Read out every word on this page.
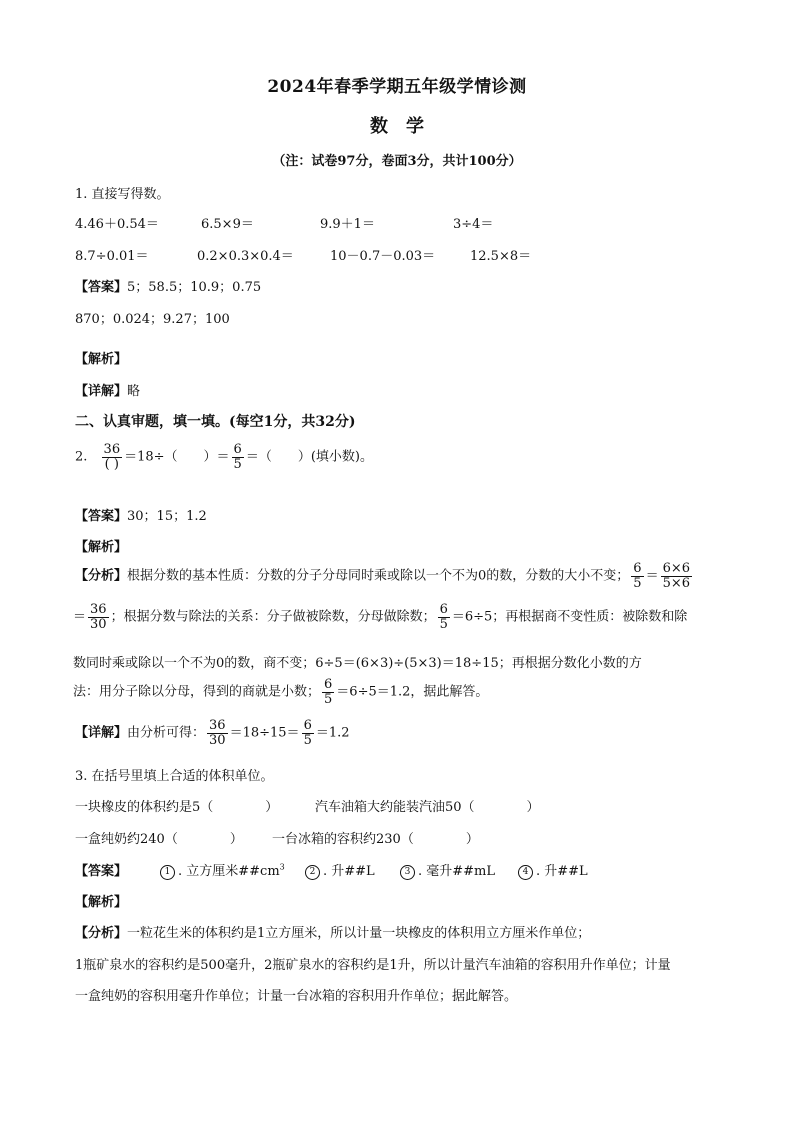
2024年春季学期五年级学情诊测
数学
（注：试卷97分，卷面3分，共计100分）
1. 直接写得数。
4.46＋0.54＝	6.5×9＝	9.9＋1＝	3÷4＝
8.7÷0.01＝	0.2×0.3×0.4＝	10－0.7－0.03＝	12.5×8＝
【答案】5；58.5；10.9；0.75
870；0.024；9.27；100
【解析】
【详解】略
二、认真审题，填一填。(每空1分，共32分)
2. $\frac{36}{( )} =18\div$（　　）＝ $\frac{6}{5}$ ＝（　　）(填小数)。
【答案】30；15；1.2
【解析】
【分析】根据分数的基本性质：分数的分子分母同时乘或除以一个不为0的数，分数的大小不变； $\frac{6}{5} = \frac{6\times 6}{5\times 6}$
＝ $\frac{36}{30}$ ；根据分数与除法的关系：分子做被除数，分母做除数； $\frac{6}{5} =6\div 5$；再根据商不变性质：被除数和除
数同时乘或除以一个不为0的数，商不变；6÷5＝(6×3)÷(5×3)＝18÷15；再根据分数化小数的方
法：用分子除以分母，得到的商就是小数； $\frac{6}{5} =6\div 5=1.2$，据此解答。
【详解】由分析可得： $\frac{36}{30} =18\div 15= \frac{6}{5} =1.2$
3. 在括号里填上合适的体积单位。
一块橡皮的体积约是5（　　　　）	汽车油箱大约能装汽油50（　　　　）
一盒纯奶约240（　　　　） 一台冰箱的容积约230（　　　　）
【答案】	1 . 立方厘米$\#\#cm^3$	2 . 升##L	3 . 毫升##mL	4 . 升##L
【解析】
【分析】一粒花生米的体积约是1立方厘米，所以计量一块橡皮的体积用立方厘米作单位；
1瓶矿泉水的容积约是500毫升，2瓶矿泉水的容积约是1升，所以计量汽车油箱的容积用升作单位；计量
一盒纯奶的容积用毫升作单位；计量一台冰箱的容积用升作单位；据此解答。
